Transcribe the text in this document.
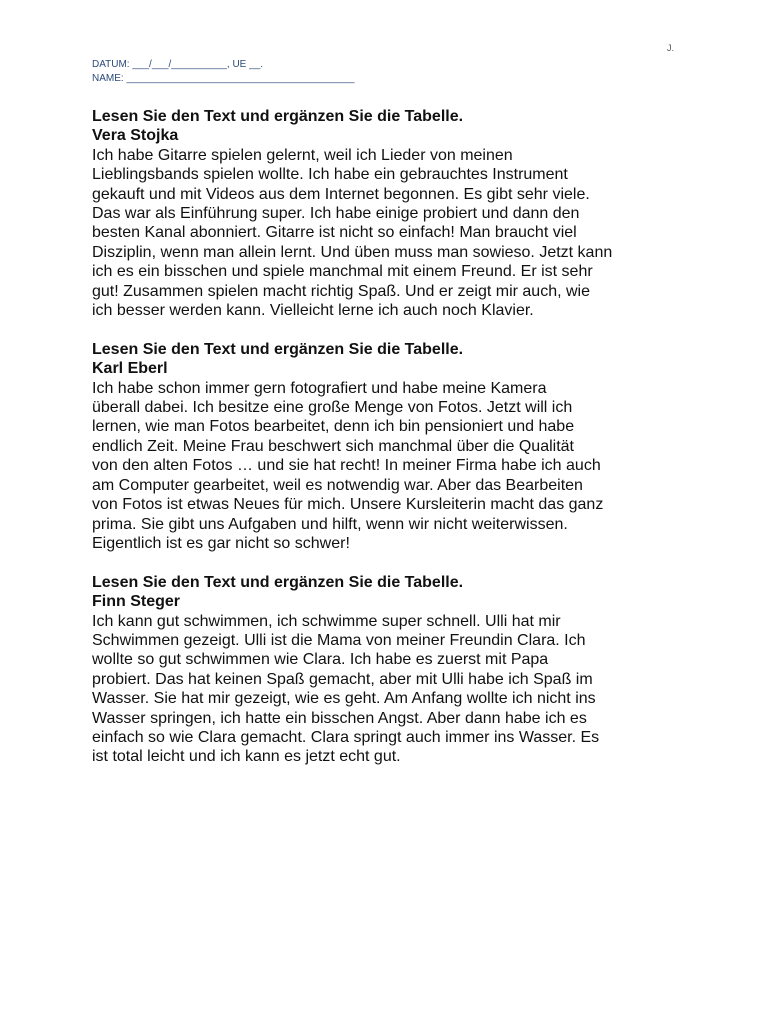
J.
DATUM: ___/___/__________, UE __.
NAME: _________________________________________

Lesen Sie den Text und ergänzen Sie die Tabelle.

Vera Stojka

Ich habe Gitarre spielen gelernt, weil ich Lieder von meinen
Lieblingsbands spielen wollte. Ich habe ein gebrauchtes Instrument
gekauft und mit Videos aus dem Internet begonnen. Es gibt sehr viele.
Das war als Einführung super. Ich habe einige probiert und dann den
besten Kanal abonniert. Gitarre ist nicht so einfach! Man braucht viel
Disziplin, wenn man allein lernt. Und üben muss man sowieso. Jetzt kann
ich es ein bisschen und spiele manchmal mit einem Freund. Er ist sehr
gut! Zusammen spielen macht richtig Spaß. Und er zeigt mir auch, wie
ich besser werden kann. Vielleicht lerne ich auch noch Klavier.

Lesen Sie den Text und ergänzen Sie die Tabelle.

Karl Eberl

Ich habe schon immer gern fotografiert und habe meine Kamera
überall dabei. Ich besitze eine große Menge von Fotos. Jetzt will ich
lernen, wie man Fotos bearbeitet, denn ich bin pensioniert und habe
endlich Zeit. Meine Frau beschwert sich manchmal über die Qualität
von den alten Fotos … und sie hat recht! In meiner Firma habe ich auch
am Computer gearbeitet, weil es notwendig war. Aber das Bearbeiten
von Fotos ist etwas Neues für mich. Unsere Kursleiterin macht das ganz
prima. Sie gibt uns Aufgaben und hilft, wenn wir nicht weiterwissen.
Eigentlich ist es gar nicht so schwer!

Lesen Sie den Text und ergänzen Sie die Tabelle.

Finn Steger

Ich kann gut schwimmen, ich schwimme super schnell. Ulli hat mir
Schwimmen gezeigt. Ulli ist die Mama von meiner Freundin Clara. Ich
wollte so gut schwimmen wie Clara. Ich habe es zuerst mit Papa
probiert. Das hat keinen Spaß gemacht, aber mit Ulli habe ich Spaß im
Wasser. Sie hat mir gezeigt, wie es geht. Am Anfang wollte ich nicht ins
Wasser springen, ich hatte ein bisschen Angst. Aber dann habe ich es
einfach so wie Clara gemacht. Clara springt auch immer ins Wasser. Es
ist total leicht und ich kann es jetzt echt gut.
